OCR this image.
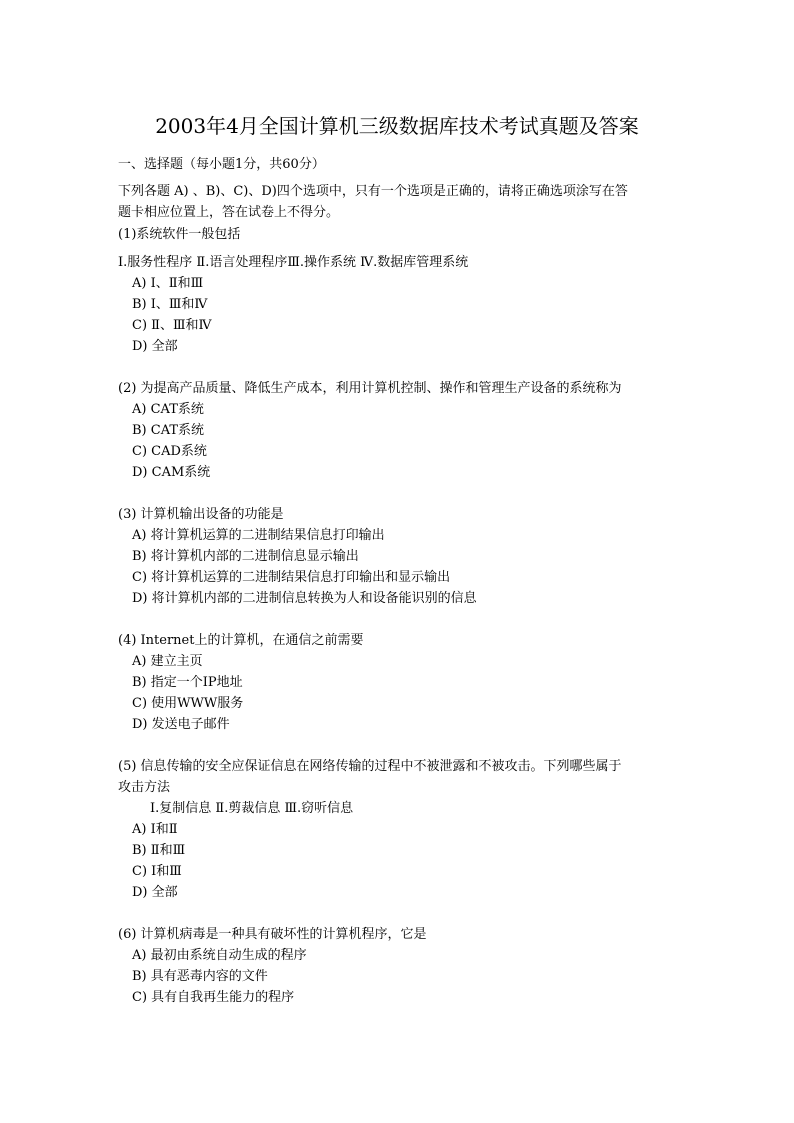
2003年4月全国计算机三级数据库技术考试真题及答案
一、选择题（每小题1分，共60分）
下列各题 A) 、B)、C)、D)四个选项中，只有一个选项是正确的，请将正确选项涂写在答
题卡相应位置上，答在试卷上不得分。
(1)系统软件一般包括
Ⅰ.服务性程序 Ⅱ.语言处理程序Ⅲ.操作系统 Ⅳ.数据库管理系统
A) Ⅰ、Ⅱ和Ⅲ
B) Ⅰ、Ⅲ和Ⅳ
C) Ⅱ、Ⅲ和Ⅳ
D) 全部
(2) 为提高产品质量、降低生产成本，利用计算机控制、操作和管理生产设备的系统称为
A) CAT系统
B) CAT系统
C) CAD系统
D) CAM系统
(3) 计算机输出设备的功能是
A) 将计算机运算的二进制结果信息打印输出
B) 将计算机内部的二进制信息显示输出
C) 将计算机运算的二进制结果信息打印输出和显示输出
D) 将计算机内部的二进制信息转换为人和设备能识别的信息
(4) Internet上的计算机，在通信之前需要
A) 建立主页
B) 指定一个IP地址
C) 使用WWW服务
D) 发送电子邮件
(5) 信息传输的安全应保证信息在网络传输的过程中不被泄露和不被攻击。下列哪些属于
攻击方法
Ⅰ.复制信息 Ⅱ.剪裁信息 Ⅲ.窃听信息
A) Ⅰ和Ⅱ
B) Ⅱ和Ⅲ
C) Ⅰ和Ⅲ
D) 全部
(6) 计算机病毒是一种具有破坏性的计算机程序，它是
A) 最初由系统自动生成的程序
B) 具有恶毒内容的文件
C) 具有自我再生能力的程序
